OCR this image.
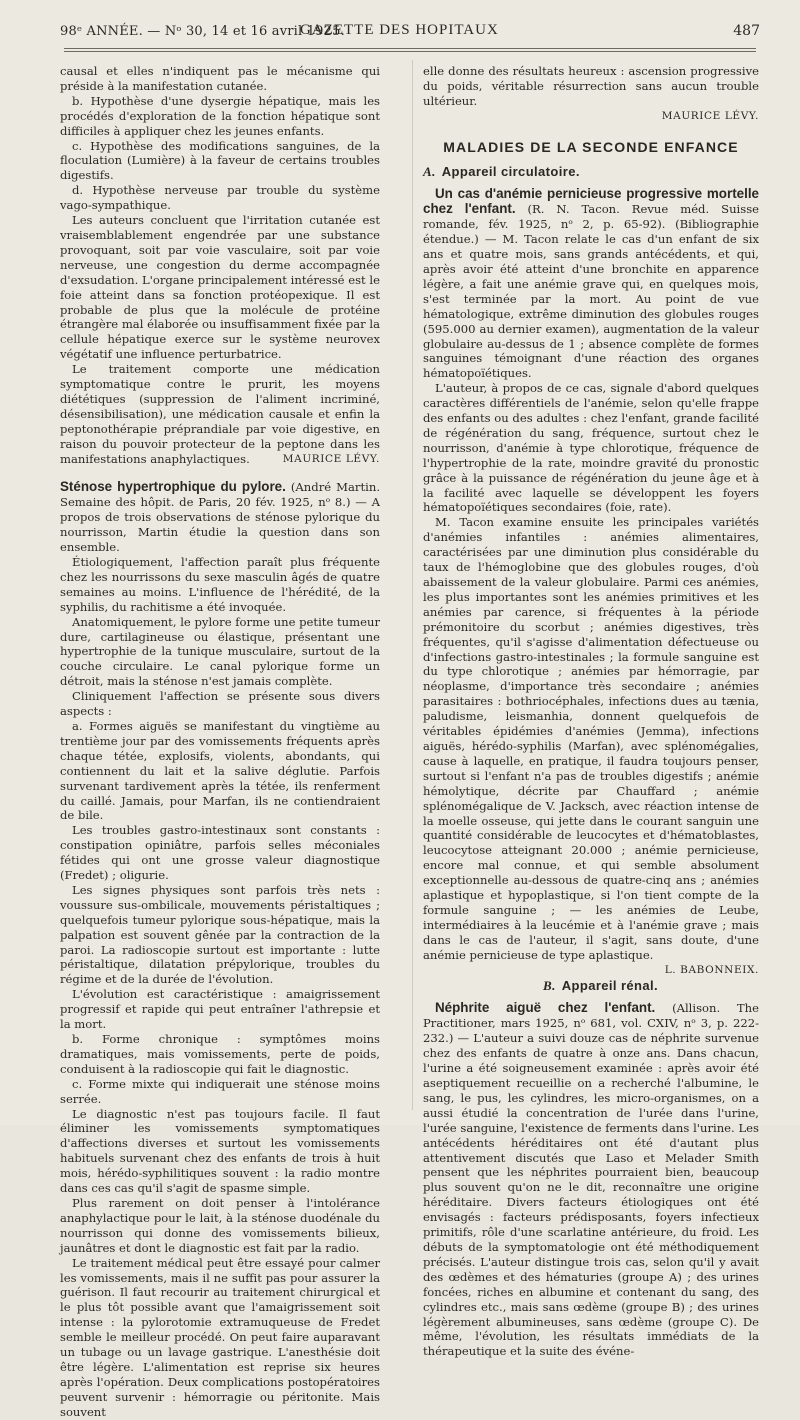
98ᵉ ANNÉE. — Nᵒ 30, 14 et 16 avril 1925.
GAZETTE DES HOPITAUX	487

causal et elles n'indiquent pas le mécanisme qui préside à la manifestation cutanée.

b. Hypothèse d'une dysergie hépatique, mais les procédés d'exploration de la fonction hépatique sont difficiles à appliquer chez les jeunes enfants.

c. Hypothèse des modifications sanguines, de la floculation (Lumière) à la faveur de certains troubles digestifs.

d. Hypothèse nerveuse par trouble du système vago-sympathique.

Les auteurs concluent que l'irritation cutanée est vraisemblablement engendrée par une substance provoquant, soit par voie vasculaire, soit par voie nerveuse, une congestion du derme accompagnée d'exsudation. L'organe principalement intéressé est le foie atteint dans sa fonction protéopexique. Il est probable de plus que la molécule de protéine étrangère mal élaborée ou insuffisamment fixée par la cellule hépatique exerce sur le système neurovex végétatif une influence perturbatrice.

Le traitement comporte une médication symptomatique contre le prurit, les moyens diététiques (suppression de l'aliment incriminé, désensibilisation), une médication causale et enfin la peptonothérapie préprandiale par voie digestive, en raison du pouvoir protecteur de la peptone dans les manifestations anaphylactiques.	MAURICE LÉVY.

Sténose hypertrophique du pylore. (André Martin. Semaine des hôpit. de Paris, 20 fév. 1925, nᵒ 8.) — A propos de trois observations de sténose pylorique du nourrisson, Martin étudie la question dans son ensemble.

Étiologiquement, l'affection paraît plus fréquente chez les nourrissons du sexe masculin âgés de quatre semaines au moins. L'influence de l'hérédité, de la syphilis, du rachitisme a été invoquée.

Anatomiquement, le pylore forme une petite tumeur dure, cartilagineuse ou élastique, présentant une hypertrophie de la tunique musculaire, surtout de la couche circulaire. Le canal pylorique forme un détroit, mais la sténose n'est jamais complète.

Cliniquement l'affection se présente sous divers aspects :

a. Formes aiguës se manifestant du vingtième au trentième jour par des vomissements fréquents après chaque tétée, explosifs, violents, abondants, qui contiennent du lait et la salive déglutie. Parfois survenant tardivement après la tétée, ils renferment du caillé. Jamais, pour Marfan, ils ne contiendraient de bile.

Les troubles gastro-intestinaux sont constants : constipation opiniâtre, parfois selles méconiales fétides qui ont une grosse valeur diagnostique (Fredet) ; oligurie.

Les signes physiques sont parfois très nets : voussure sus-ombilicale, mouvements péristaltiques ; quelquefois tumeur pylorique sous-hépatique, mais la palpation est souvent gênée par la contraction de la paroi. La radioscopie surtout est importante : lutte péristaltique, dilatation prépylorique, troubles du régime et de la durée de l'évolution.

L'évolution est caractéristique : amaigrissement progressif et rapide qui peut entraîner l'athrepsie et la mort.

b. Forme chronique : symptômes moins dramatiques, mais vomissements, perte de poids, conduisent à la radioscopie qui fait le diagnostic.

c. Forme mixte qui indiquerait une sténose moins serrée.

Le diagnostic n'est pas toujours facile. Il faut éliminer les vomissements symptomatiques d'affections diverses et surtout les vomissements habituels survenant chez des enfants de trois à huit mois, hérédo-syphilitiques souvent : la radio montre dans ces cas qu'il s'agit de spasme simple.

Plus rarement on doit penser à l'intolérance anaphylactique pour le lait, à la sténose duodénale du nourrisson qui donne des vomissements bilieux, jaunâtres et dont le diagnostic est fait par la radio.

Le traitement médical peut être essayé pour calmer les vomissements, mais il ne suffit pas pour assurer la guérison. Il faut recourir au traitement chirurgical et le plus tôt possible avant que l'amaigrissement soit intense : la pylorotomie extramuqueuse de Fredet semble le meilleur procédé. On peut faire auparavant un tubage ou un lavage gastrique. L'anesthésie doit être légère. L'alimentation est reprise six heures après l'opération. Deux complications postopératoires peuvent survenir : hémorragie ou péritonite. Mais souvent

elle donne des résultats heureux : ascension progressive du poids, véritable résurrection sans aucun trouble ultérieur.

MAURICE LÉVY.

MALADIES DE LA SECONDE ENFANCE
A. Appareil circulatoire.

Un cas d'anémie pernicieuse progressive mortelle chez l'enfant. (R. N. Tacon. Revue méd. Suisse romande, fév. 1925, nᵒ 2, p. 65-92). (Bibliographie étendue.) — M. Tacon relate le cas d'un enfant de six ans et quatre mois, sans grands antécédents, et qui, après avoir été atteint d'une bronchite en apparence légère, a fait une anémie grave qui, en quelques mois, s'est terminée par la mort. Au point de vue hématologique, extrême diminution des globules rouges (595.000 au dernier examen), augmentation de la valeur globulaire au-dessus de 1 ; absence complète de formes sanguines témoignant d'une réaction des organes hématopoïétiques.

L'auteur, à propos de ce cas, signale d'abord quelques caractères différentiels de l'anémie, selon qu'elle frappe des enfants ou des adultes : chez l'enfant, grande facilité de régénération du sang, fréquence, surtout chez le nourrisson, d'anémie à type chlorotique, fréquence de l'hypertrophie de la rate, moindre gravité du pronostic grâce à la puissance de régénération du jeune âge et à la facilité avec laquelle se développent les foyers hématopoïétiques secondaires (foie, rate).

M. Tacon examine ensuite les principales variétés d'anémies infantiles : anémies alimentaires, caractérisées par une diminution plus considérable du taux de l'hémoglobine que des globules rouges, d'où abaissement de la valeur globulaire. Parmi ces anémies, les plus importantes sont les anémies primitives et les anémies par carence, si fréquentes à la période prémonitoire du scorbut ; anémies digestives, très fréquentes, qu'il s'agisse d'alimentation défectueuse ou d'infections gastro-intestinales ; la formule sanguine est du type chlorotique ; anémies par hémorragie, par néoplasme, d'importance très secondaire ; anémies parasitaires : bothriocéphales, infections dues au tænia, paludisme, leismanhia, donnent quelquefois de véritables épidémies d'anémies (Jemma), infections aiguës, hérédo-syphilis (Marfan), avec splénomégalies, cause à laquelle, en pratique, il faudra toujours penser, surtout si l'enfant n'a pas de troubles digestifs ; anémie hémolytique, décrite par Chauffard ; anémie splénomégalique de V. Jacksch, avec réaction intense de la moelle osseuse, qui jette dans le courant sanguin une quantité considérable de leucocytes et d'hématoblastes, leucocytose atteignant 20.000 ; anémie pernicieuse, encore mal connue, et qui semble absolument exceptionnelle au-dessous de quatre-cinq ans ; anémies aplastique et hypoplastique, si l'on tient compte de la formule sanguine ; — les anémies de Leube, intermédiaires à la leucémie et à l'anémie grave ; mais dans le cas de l'auteur, il s'agit, sans doute, d'une anémie pernicieuse de type aplastique.
L. BABONNEIX.

B. Appareil rénal.

Néphrite aiguë chez l'enfant. (Allison. The Practitioner, mars 1925, nᵒ 681, vol. CXIV, nᵒ 3, p. 222-232.) — L'auteur a suivi douze cas de néphrite survenue chez des enfants de quatre à onze ans. Dans chacun, l'urine a été soigneusement examinée : après avoir été aseptiquement recueillie on a recherché l'albumine, le sang, le pus, les cylindres, les micro-organismes, on a aussi étudié la concentration de l'urée dans l'urine, l'urée sanguine, l'existence de ferments dans l'urine. Les antécédents héréditaires ont été d'autant plus attentivement discutés que Laso et Melader Smith pensent que les néphrites pourraient bien, beaucoup plus souvent qu'on ne le dit, reconnaître une origine héréditaire. Divers facteurs étiologiques ont été envisagés : facteurs prédisposants, foyers infectieux primitifs, rôle d'une scarlatine antérieure, du froid. Les débuts de la symptomatologie ont été méthodiquement précisés. L'auteur distingue trois cas, selon qu'il y avait des œdèmes et des hématuries (groupe A) ; des urines foncées, riches en albumine et contenant du sang, des cylindres etc., mais sans œdème (groupe B) ; des urines légèrement albumineuses, sans œdème (groupe C). De même, l'évolution, les résultats immédiats de la thérapeutique et la suite des événe-
